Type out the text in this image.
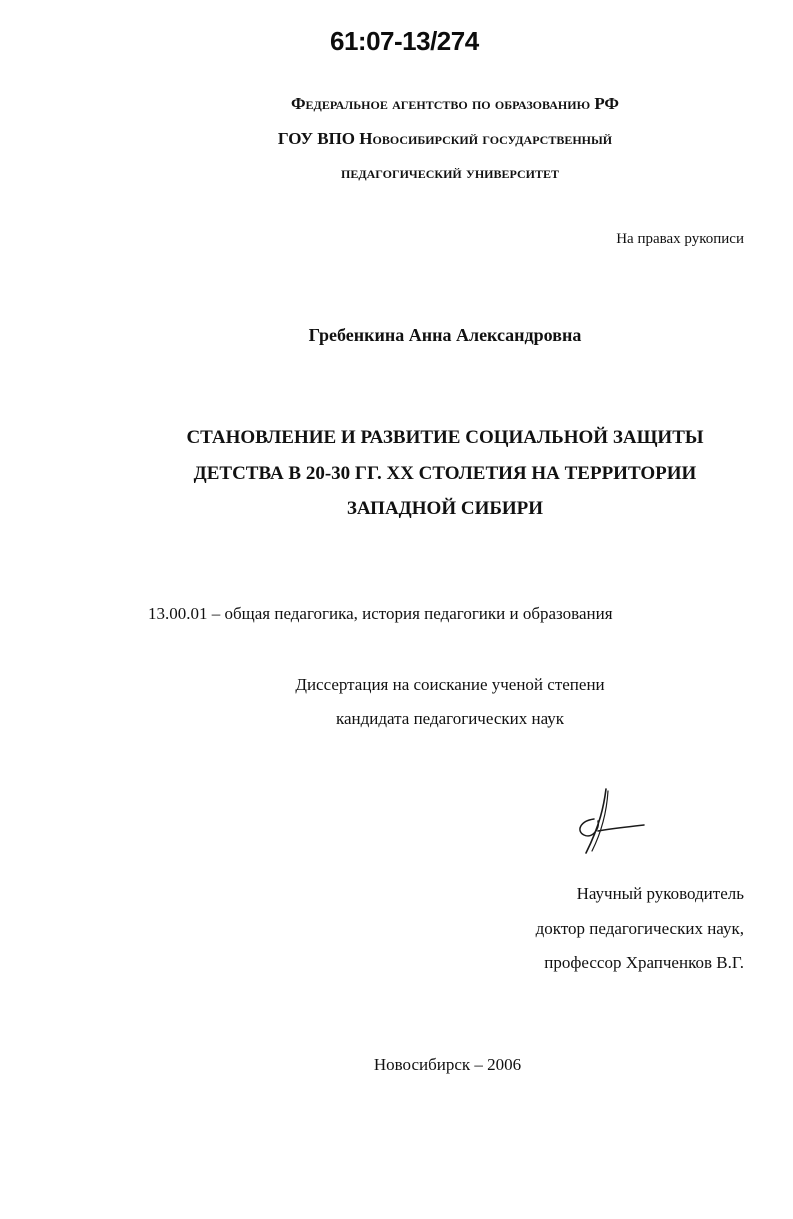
61:07-13/274
Федеральное агентство по образованию РФ
ГОУ ВПО Новосибирский государственный
педагогический университет
На правах рукописи
Гребенкина Анна Александровна
СТАНОВЛЕНИЕ И РАЗВИТИЕ СОЦИАЛЬНОЙ ЗАЩИТЫ
ДЕТСТВА В 20-30 ГГ. XX СТОЛЕТИЯ НА ТЕРРИТОРИИ
ЗАПАДНОЙ СИБИРИ
13.00.01 – общая педагогика, история педагогики и образования
Диссертация на соискание ученой степени
кандидата педагогических наук
Научный руководитель
доктор педагогических наук,
профессор Храпченков В.Г.
Новосибирск – 2006
